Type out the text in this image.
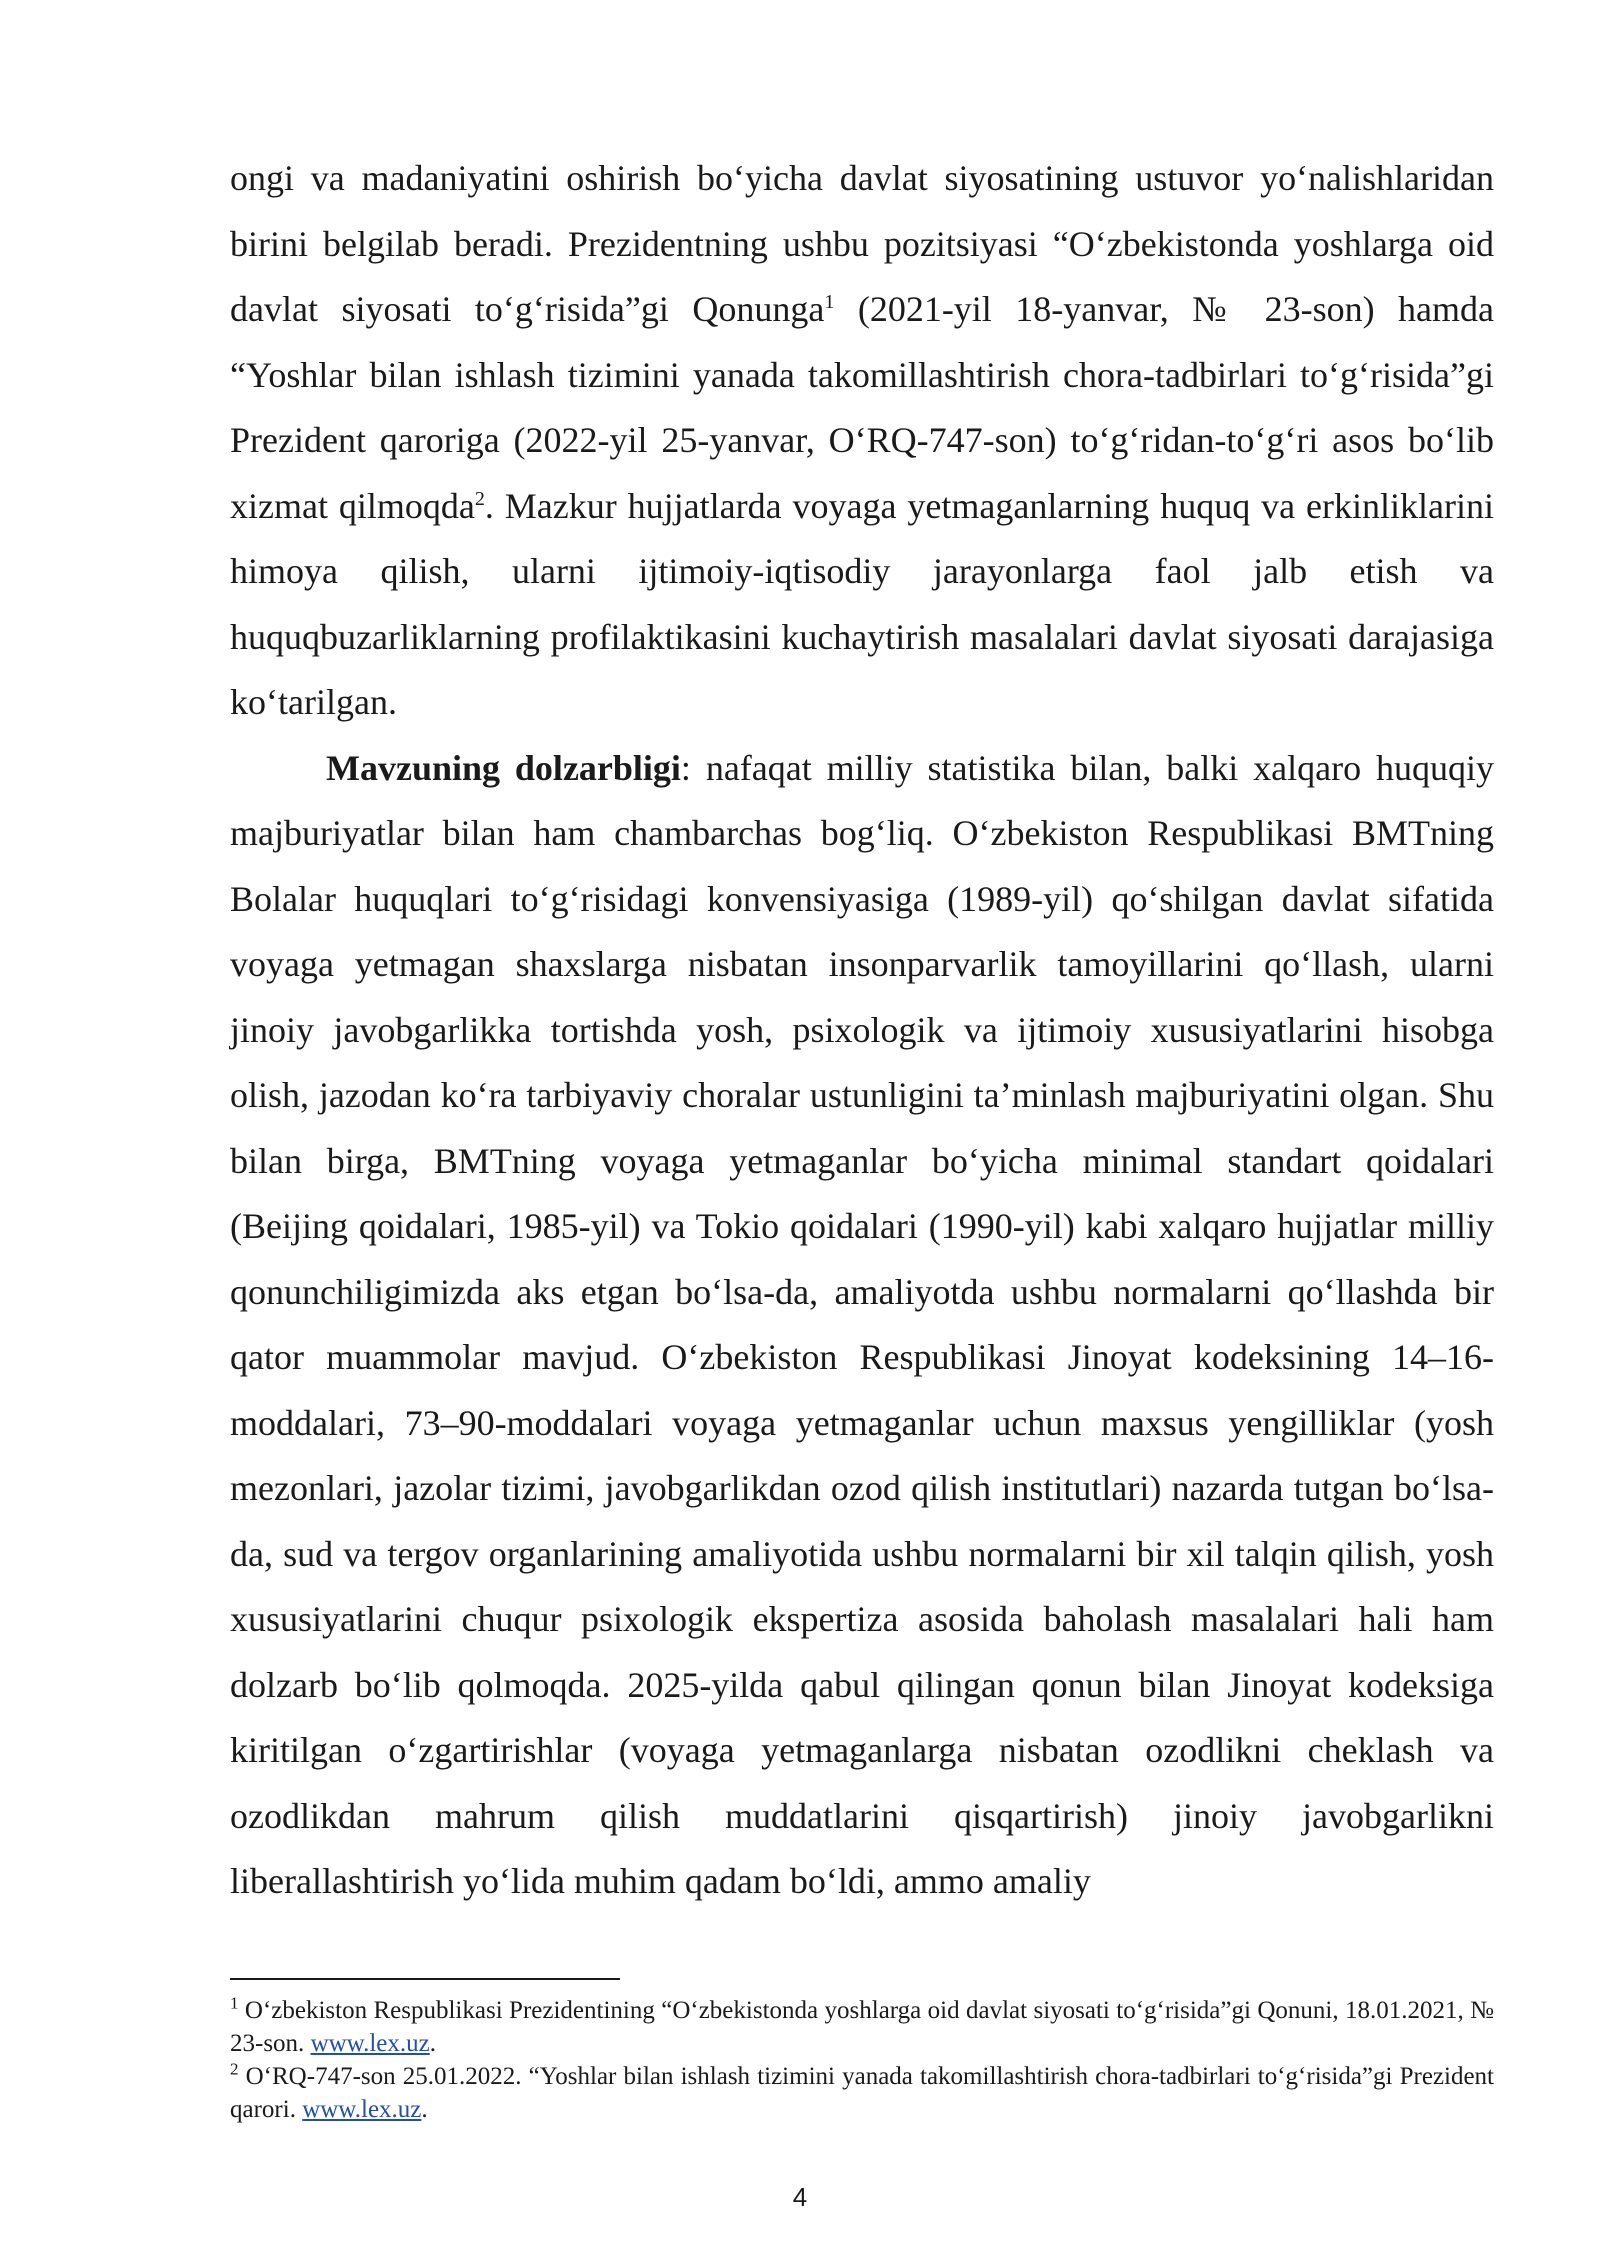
ongi va madaniyatini oshirish bo‘yicha davlat siyosatining ustuvor yo‘nalishlaridan birini belgilab beradi. Prezidentning ushbu pozitsiyasi “O‘zbekistonda yoshlarga oid davlat siyosati to‘g‘risida”gi Qonunga$^1$ (2021-yil 18-yanvar, № 23-son) hamda “Yoshlar bilan ishlash tizimini yanada takomillashtirish chora-tadbirlari to‘g‘risida”gi Prezident qaroriga (2022-yil 25-yanvar, O‘RQ-747-son) to‘g‘ridan-to‘g‘ri asos bo‘lib xizmat qilmoqda$^2$. Mazkur hujjatlarda voyaga yetmaganlarning huquq va erkinliklarini himoya qilish, ularni ijtimoiy-iqtisodiy jarayonlarga faol jalb etish va huquqbuzarliklarning profilaktikasini kuchaytirish masalalari davlat siyosati darajasiga ko‘tarilgan.

Mavzuning dolzarbligi: nafaqat milliy statistika bilan, balki xalqaro huquqiy majburiyatlar bilan ham chambarchas bog‘liq. O‘zbekiston Respublikasi BMTning Bolalar huquqlari to‘g‘risidagi konvensiyasiga (1989-yil) qo‘shilgan davlat sifatida voyaga yetmagan shaxslarga nisbatan insonparvarlik tamoyillarini qo‘llash, ularni jinoiy javobgarlikka tortishda yosh, psixologik va ijtimoiy xususiyatlarini hisobga olish, jazodan ko‘ra tarbiyaviy choralar ustunligini ta’minlash majburiyatini olgan. Shu bilan birga, BMTning voyaga yetmaganlar bo‘yicha minimal standart qoidalari (Beijing qoidalari, 1985-yil) va Tokio qoidalari (1990-yil) kabi xalqaro hujjatlar milliy qonunchiligimizda aks etgan bo‘lsa-da, amaliyotda ushbu normalarni qo‘llashda bir qator muammolar mavjud. O‘zbekiston Respublikasi Jinoyat kodeksining 14–16-moddalari, 73–90-moddalari voyaga yetmaganlar uchun maxsus yengilliklar (yosh mezonlari, jazolar tizimi, javobgarlikdan ozod qilish institutlari) nazarda tutgan bo‘lsa-da, sud va tergov organlarining amaliyotida ushbu normalarni bir xil talqin qilish, yosh xususiyatlarini chuqur psixologik ekspertiza asosida baholash masalalari hali ham dolzarb bo‘lib qolmoqda. 2025-yilda qabul qilingan qonun bilan Jinoyat kodeksiga kiritilgan o‘zgartirishlar (voyaga yetmaganlarga nisbatan ozodlikni cheklash va ozodlikdan mahrum qilish muddatlarini qisqartirish) jinoiy javobgarlikni liberallashtirish yo‘lida muhim qadam bo‘ldi, ammo amaliy

$^1$ O‘zbekiston Respublikasi Prezidentining “O‘zbekistonda yoshlarga oid davlat siyosati to‘g‘risida”gi Qonuni, 18.01.2021, № 23-son. www.lex.uz.

$^2$ O‘RQ-747-son 25.01.2022. “Yoshlar bilan ishlash tizimini yanada takomillashtirish chora-tadbirlari to‘g‘risida”gi Prezident qarori. www.lex.uz.

4
